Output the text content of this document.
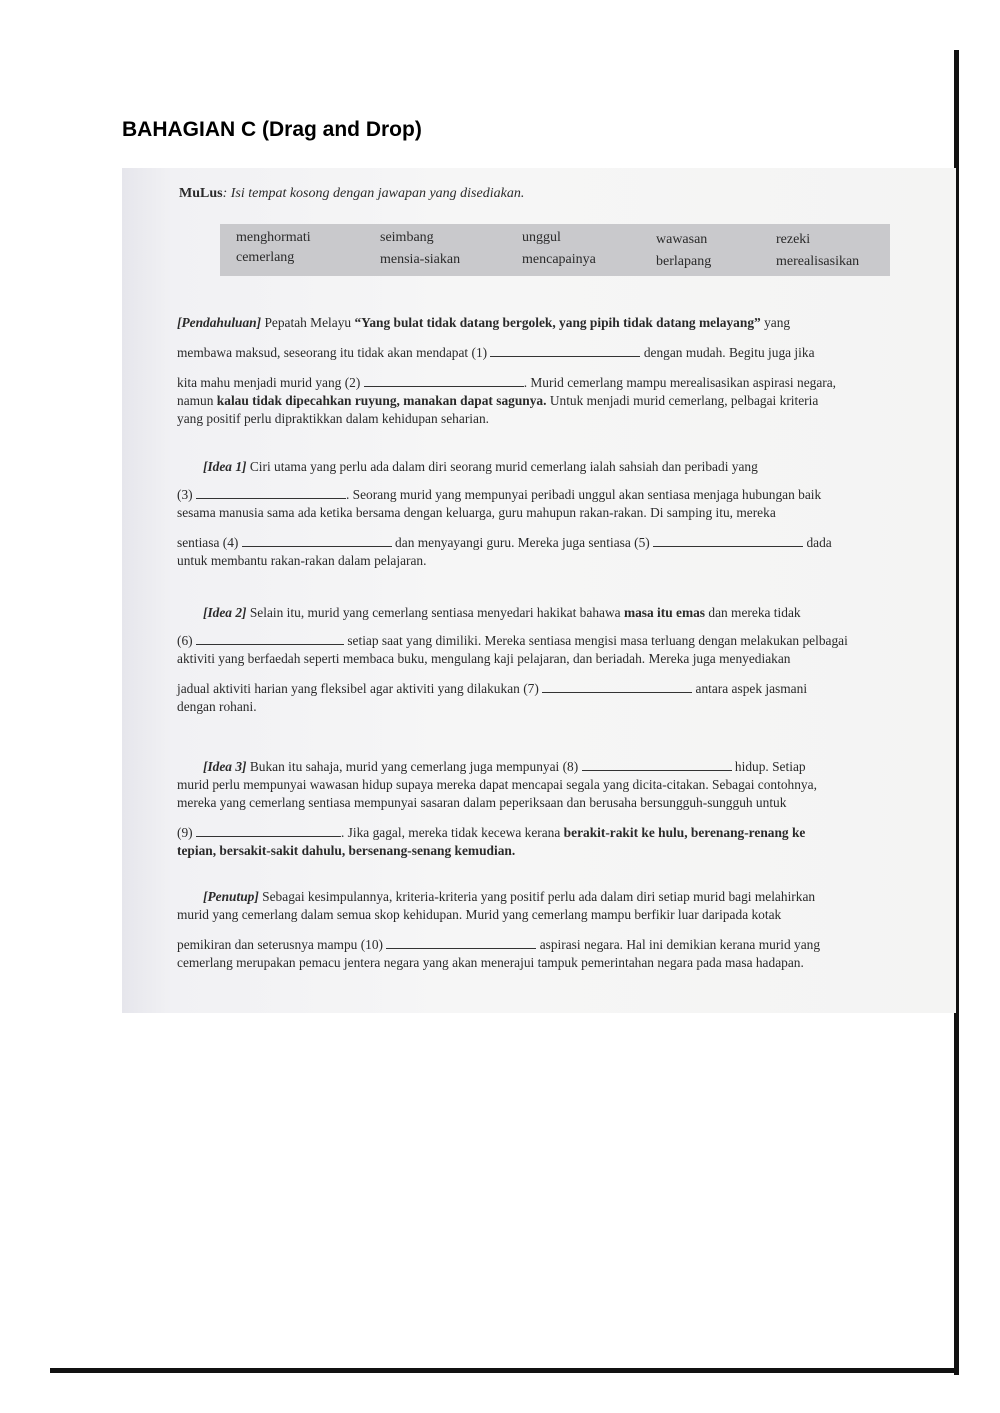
BAHAGIAN C (Drag and Drop)
MuLus: Isi tempat kosong dengan jawapan yang disediakan.
menghormati	seimbang	unggul	wawasan	rezeki
cemerlang	mensia-siakan	mencapainya	berlapang	merealisasikan
[Pendahuluan] Pepatah Melayu “Yang bulat tidak datang bergolek, yang pipih tidak datang melayang” yang
membawa maksud, seseorang itu tidak akan mendapat (1)	dengan mudah. Begitu juga jika
kita mahu menjadi murid yang (2)	. Murid cemerlang mampu merealisasikan aspirasi negara,
namun kalau tidak dipecahkan ruyung, manakan dapat sagunya. Untuk menjadi murid cemerlang, pelbagai kriteria
yang positif perlu dipraktikkan dalam kehidupan seharian.
[Idea 1] Ciri utama yang perlu ada dalam diri seorang murid cemerlang ialah sahsiah dan peribadi yang
(3)	. Seorang murid yang mempunyai peribadi unggul akan sentiasa menjaga hubungan baik
sesama manusia sama ada ketika bersama dengan keluarga, guru mahupun rakan-rakan. Di samping itu, mereka
sentiasa (4)	dan menyayangi guru. Mereka juga sentiasa (5)	dada
untuk membantu rakan-rakan dalam pelajaran.
[Idea 2] Selain itu, murid yang cemerlang sentiasa menyedari hakikat bahawa masa itu emas dan mereka tidak
(6)	setiap saat yang dimiliki. Mereka sentiasa mengisi masa terluang dengan melakukan pelbagai
aktiviti yang berfaedah seperti membaca buku, mengulang kaji pelajaran, dan beriadah. Mereka juga menyediakan
jadual aktiviti harian yang fleksibel agar aktiviti yang dilakukan (7)	antara aspek jasmani
dengan rohani.
[Idea 3] Bukan itu sahaja, murid yang cemerlang juga mempunyai (8)	hidup. Setiap
murid perlu mempunyai wawasan hidup supaya mereka dapat mencapai segala yang dicita-citakan. Sebagai contohnya,
mereka yang cemerlang sentiasa mempunyai sasaran dalam peperiksaan dan berusaha bersungguh-sungguh untuk
(9)	. Jika gagal, mereka tidak kecewa kerana berakit-rakit ke hulu, berenang-renang ke
tepian, bersakit-sakit dahulu, bersenang-senang kemudian.
[Penutup] Sebagai kesimpulannya, kriteria-kriteria yang positif perlu ada dalam diri setiap murid bagi melahirkan
murid yang cemerlang dalam semua skop kehidupan. Murid yang cemerlang mampu berfikir luar daripada kotak
pemikiran dan seterusnya mampu (10)	aspirasi negara. Hal ini demikian kerana murid yang
cemerlang merupakan pemacu jentera negara yang akan menerajui tampuk pemerintahan negara pada masa hadapan.
